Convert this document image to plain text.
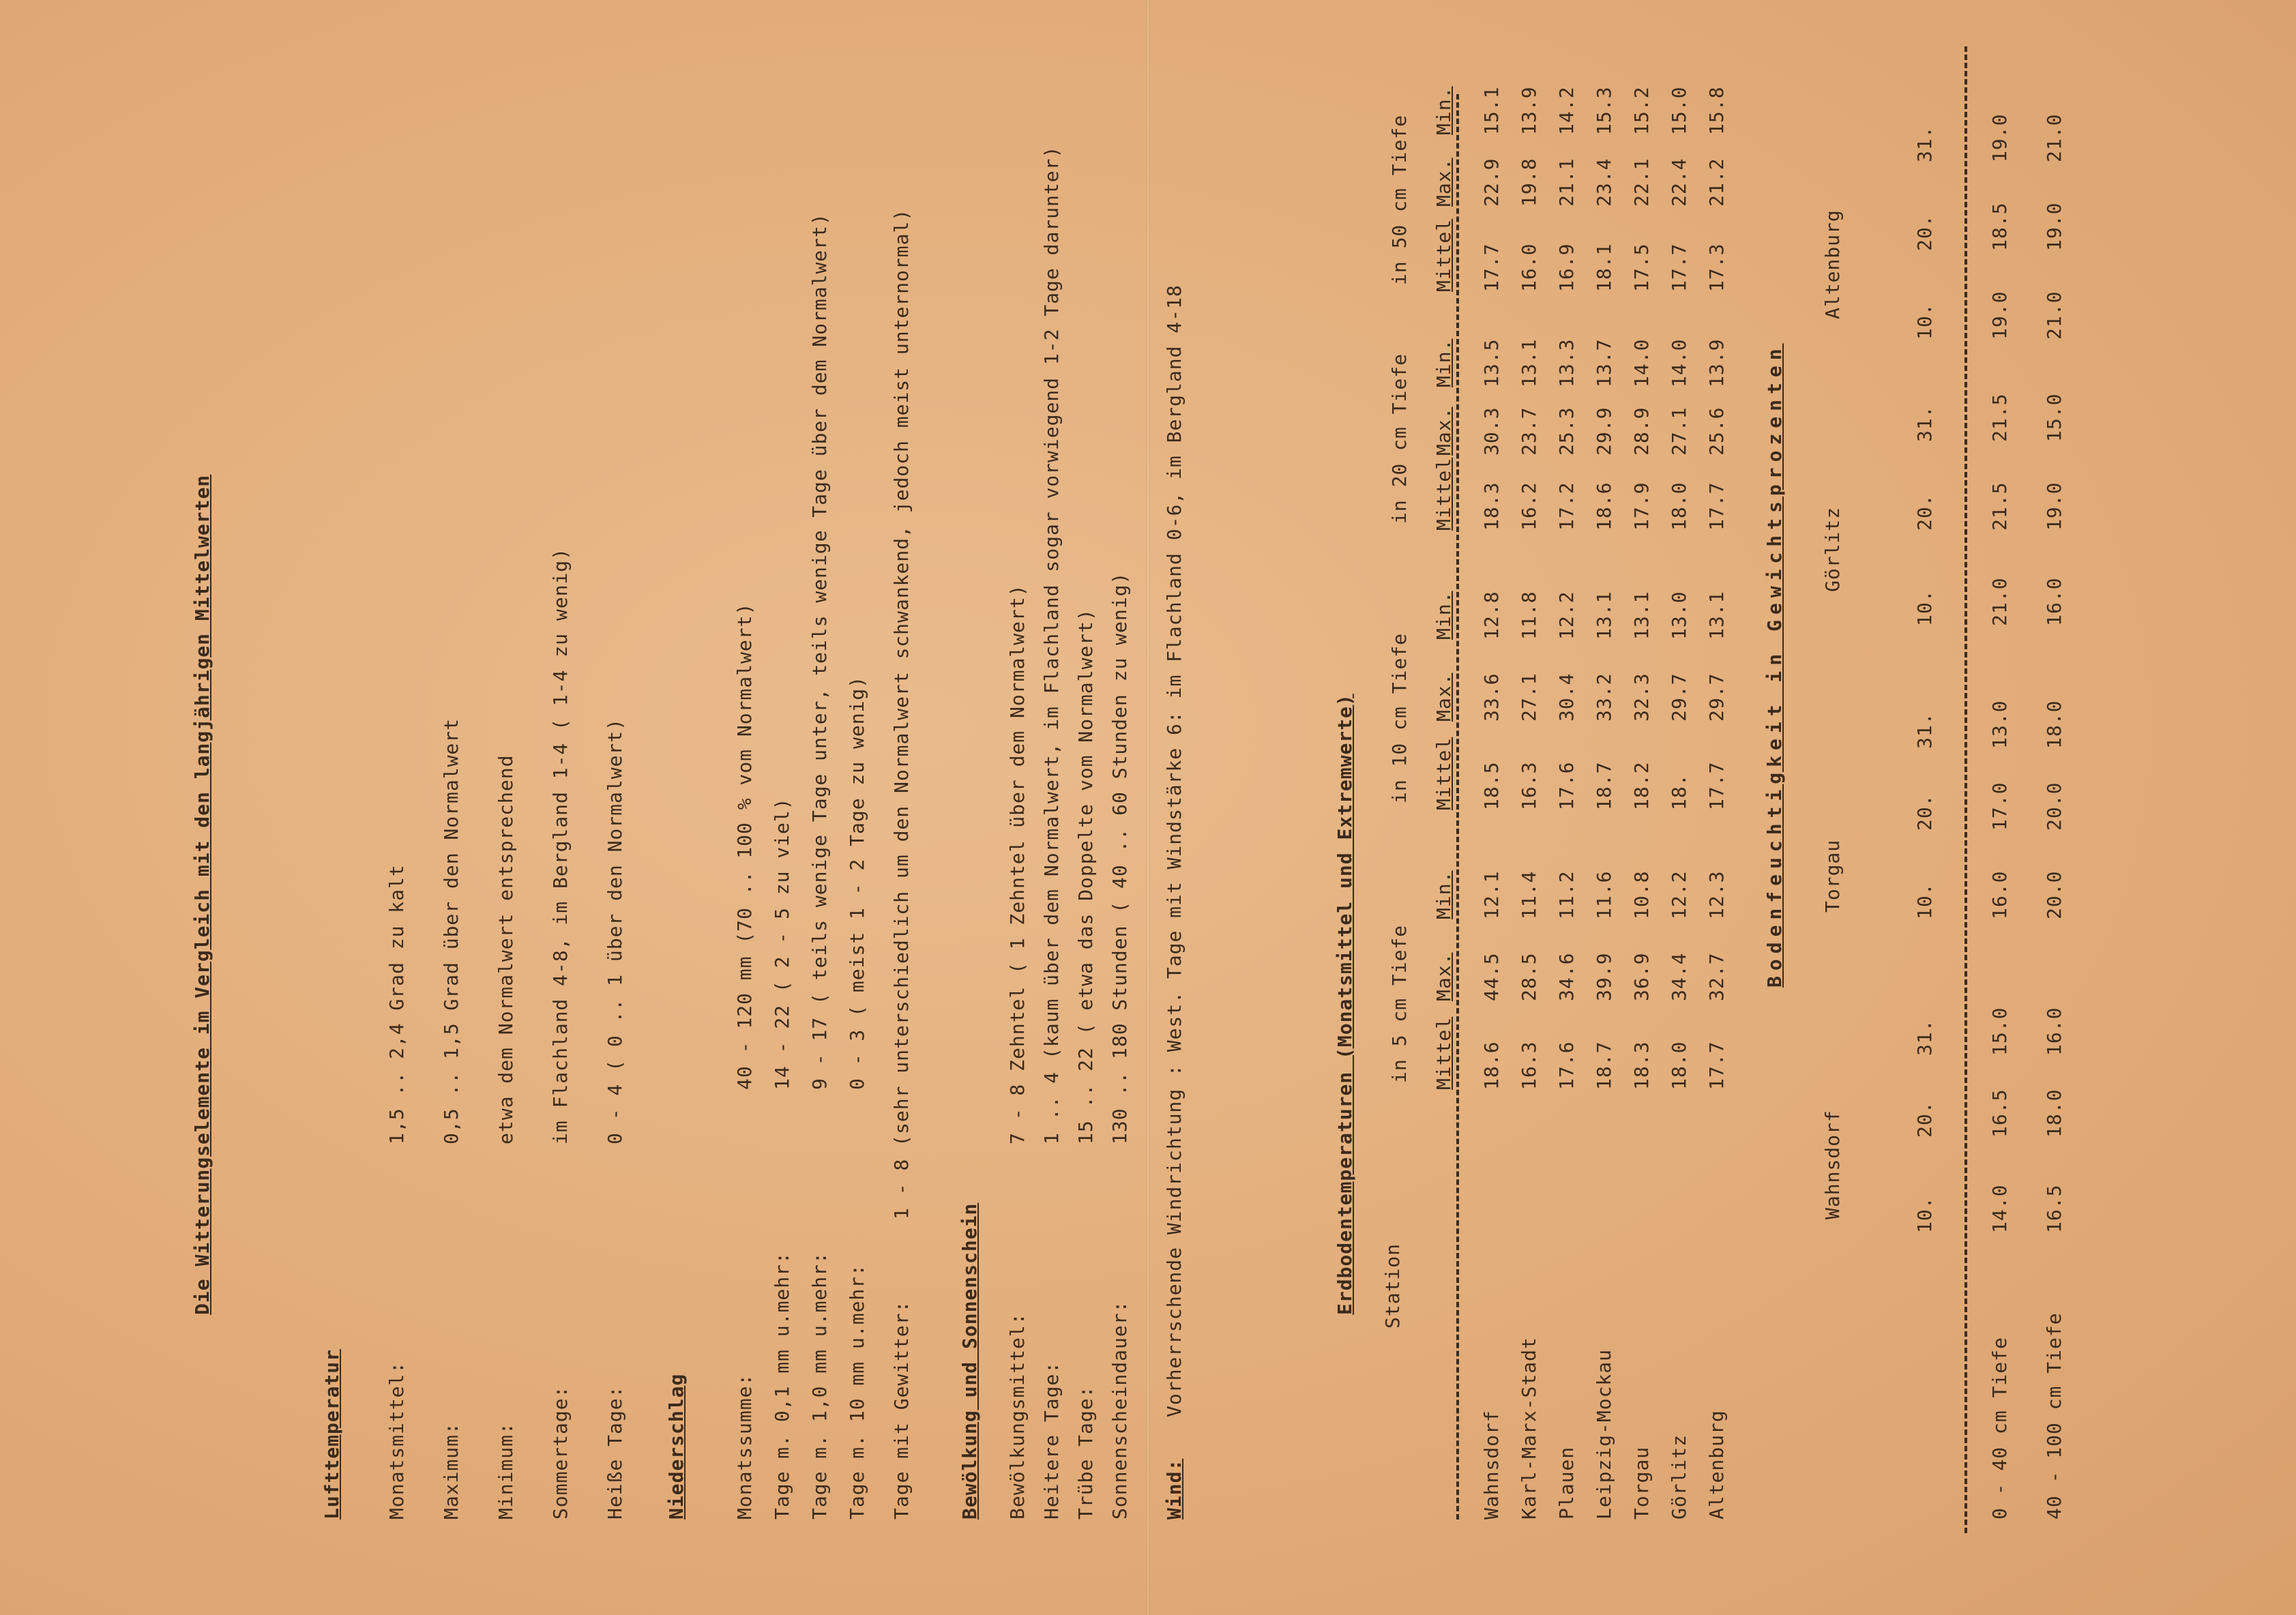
Die Witterungselemente im Vergleich mit den langjährigen Mittelwerten
Lufttemperatur Monatsmittel:
1,5 .. 2,4 Grad zu kalt
Maximum:
0,5 .. 1,5 Grad über den Normalwert
Minimum:
etwa dem Normalwert entsprechend
Sommertage:
im Flachland 4-8, im Bergland 1-4 ( 1-4 zu wenig)
Heiße Tage:
0 - 4 ( 0 .. 1 über den Normalwert)
Niederschlag Monatssumme:
40 - 120 mm (70 .. 100 % vom Normalwert)
Tage m. 0,1 mm u.mehr:
14 - 22 ( 2 - 5 zu viel)
Tage m. 1,0 mm u.mehr:
9 - 17 ( teils wenige Tage unter, teils wenige Tage über dem Normalwert)
Tage m. 10 mm u.mehr:
0 - 3 ( meist 1 - 2 Tage zu wenig)
Tage mit Gewitter:
1 - 8 (sehr unterschiedlich um den Normalwert schwankend, jedoch meist unternormal)
Bewölkung und Sonnenschein Bewölkungsmittel:
7 - 8 Zehntel ( 1 Zehntel über dem Normalwert)
Heitere Tage:
1 .. 4 (kaum über dem Normalwert, im Flachland sogar vorwiegend 1-2 Tage darunter)
Trübe Tage:
15 .. 22 ( etwa das Doppelte vom Normalwert)
Sonnenscheindauer:
130 .. 180 Stunden ( 40 .. 60 Stunden zu wenig)
Wind:
Vorherrschende Windrichtung : West. Tage mit Windstärke 6: im Flachland 0-6, im Bergland 4-18	Erdbodentemperaturen (Monatsmittel und Extremwerte) Station
in 5 cm Tiefe
in 10 cm Tiefe
in 20 cm Tiefe
in 50 cm Tiefe
Mittel
Max.
Min.
Mittel
Max.
Min.
Mittel
Max.
Min.
Mittel
Max.
Min.
Wahnsdorf
18.6
44.5
12.1
18.5
33.6
12.8
18.3
30.3
13.5
17.7
22.9
15.1
Karl-Marx-Stadt
16.3
28.5
11.4
16.3
27.1
11.8
16.2
23.7
13.1
16.0
19.8
13.9
Plauen
17.6
34.6
11.2
17.6
30.4
12.2
17.2
25.3
13.3
16.9
21.1
14.2
Leipzig-Mockau
18.7
39.9
11.6
18.7
33.2
13.1
18.6
29.9
13.7
18.1
23.4
15.3
Torgau
18.3
36.9
10.8
18.2
32.3
13.1
17.9
28.9
14.0
17.5
22.1
15.2
Görlitz
18.0
34.4
12.2
18.
29.7
13.0
18.0
27.1
14.0
17.7
22.4
15.0
Altenburg
17.7
32.7
12.3
17.7
29.7
13.1
17.7
25.6
13.9
17.3
21.2
15.8
Bodenfeuchtigkeit in Gewichtsprozenten
Wahnsdorf
Torgau
Görlitz
Altenburg
10.
20.
31.
10.
20.
31.
10.
20.
31.
10.
20.
31.
0 - 40 cm Tiefe
14.0
16.5
15.0
16.0
17.0
13.0
21.0
21.5
21.5
19.0
18.5
19.0
40 - 100 cm Tiefe
16.5
18.0
16.0
20.0
20.0
18.0
16.0
19.0
15.0
21.0
19.0
21.0
